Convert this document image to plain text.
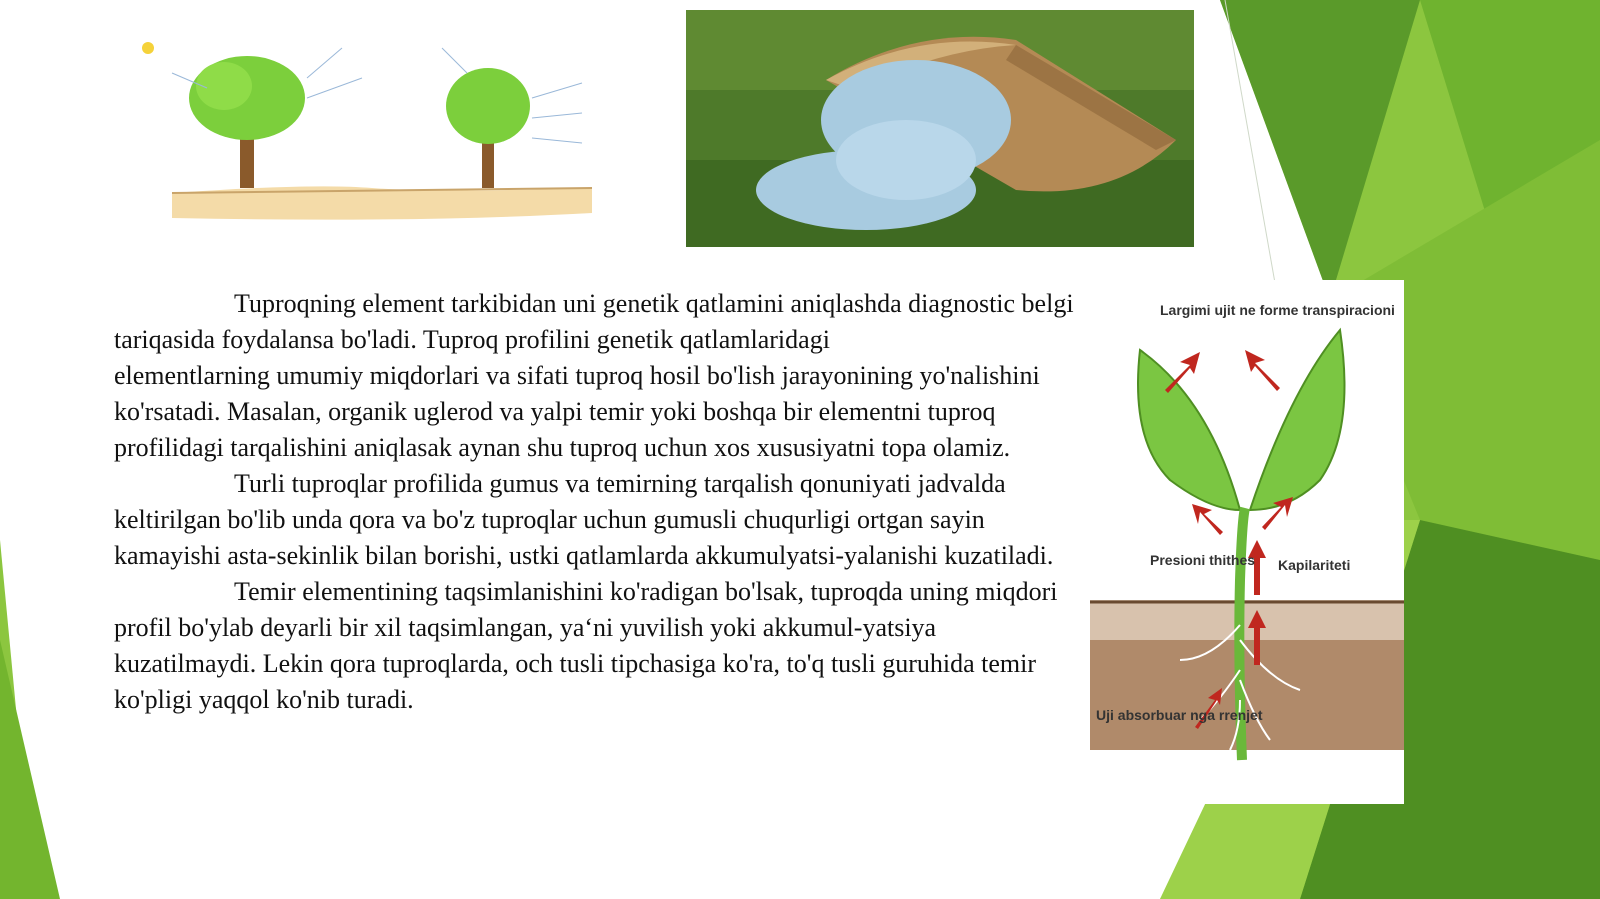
Largimi ujit ne forme transpiracioni
Presioni thithes Kapilariteti
Uji absorbuar nga rrenjet

Tuproqning element tarkibidan uni genetik qatlamini aniqlashda diagnostic belgi tariqasida foydalansa bo'ladi. Tuproq profilini genetik qatlamlaridagi

elementlarning umumiy miqdorlari va sifati tuproq hosil bo'lish jarayonining yo'nalishini ko'rsatadi. Masalan, organik uglerod va yalpi temir yoki boshqa bir elementni tuproq profilidagi tarqalishini aniqlasak aynan shu tuproq uchun xos xususiyatni topa olamiz.

Turli tuproqlar profilida gumus va temirning tarqalish qonuniyati jadvalda

keltirilgan bo'lib unda qora va bo'z tuproqlar uchun gumusli chuqurligi ortgan sayin kamayishi asta-sekinlik bilan borishi, ustki qatlamlarda akkumulyatsi-yalanishi kuzatiladi.

Temir elementining taqsimlanishini ko'radigan bo'lsak, tuproqda uning miqdori profil bo'ylab deyarli bir xil taqsimlangan, ya‘ni yuvilish yoki akkumul-yatsiya kuzatilmaydi. Lekin qora tuproqlarda, och tusli tipchasiga ko'ra, to'q tusli guruhida temir ko'pligi yaqqol ko'nib turadi.
